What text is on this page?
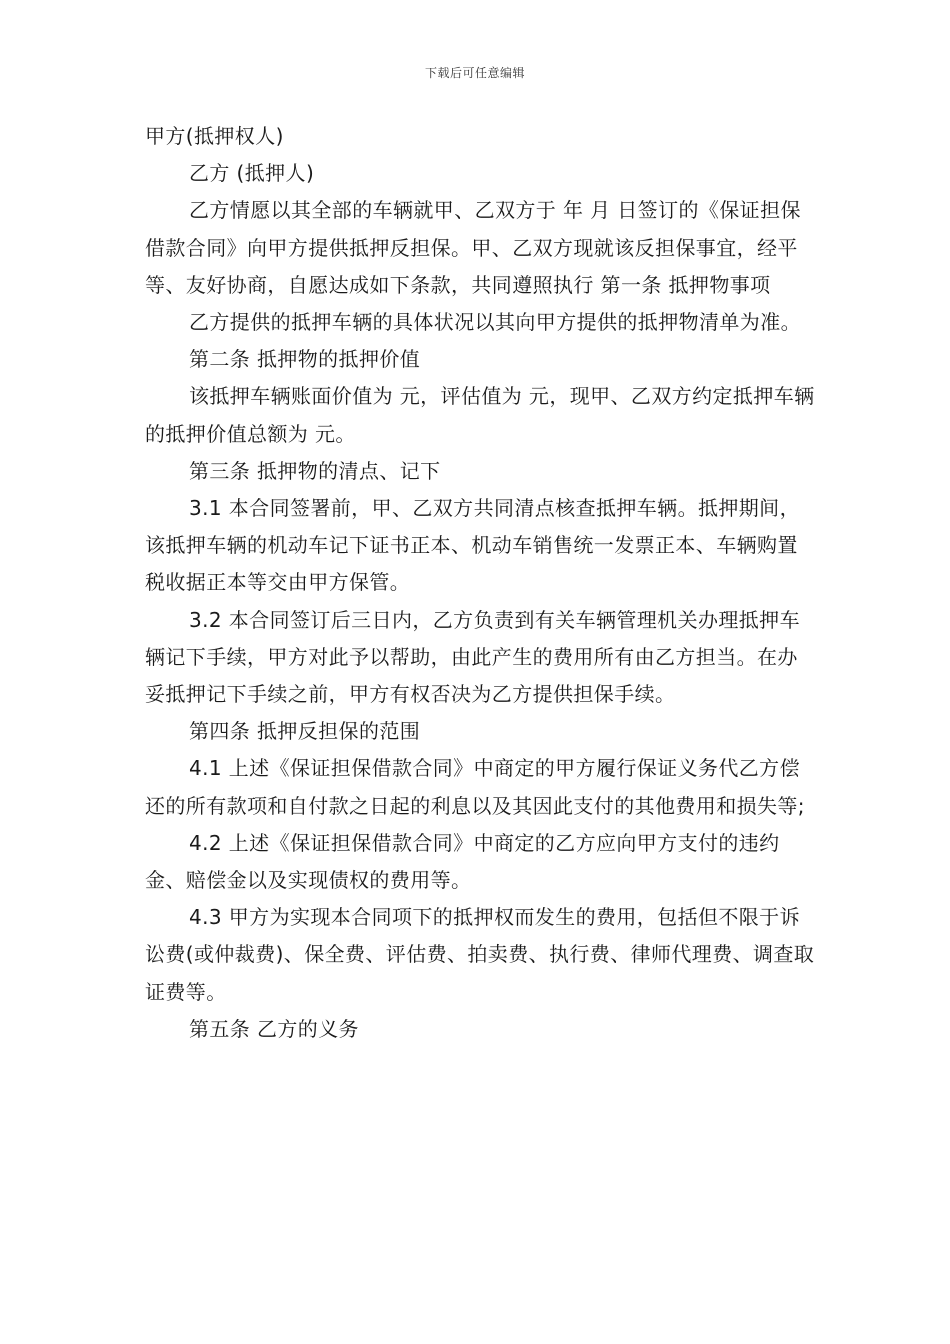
下载后可任意编辑

甲方(抵押权人)

乙方 (抵押人)

乙方情愿以其全部的车辆就甲、乙双方于 年 月 日签订的《保证担保借款合同》向甲方提供抵押反担保。甲、乙双方现就该反担保事宜，经平等、友好协商，自愿达成如下条款，共同遵照执行 第一条 抵押物事项

乙方提供的抵押车辆的具体状况以其向甲方提供的抵押物清单为准。

第二条 抵押物的抵押价值

该抵押车辆账面价值为 元，评估值为 元，现甲、乙双方约定抵押车辆的抵押价值总额为 元。

第三条 抵押物的清点、记下

3.1 本合同签署前，甲、乙双方共同清点核查抵押车辆。抵押期间，该抵押车辆的机动车记下证书正本、机动车销售统一发票正本、车辆购置税收据正本等交由甲方保管。

3.2 本合同签订后三日内，乙方负责到有关车辆管理机关办理抵押车辆记下手续，甲方对此予以帮助，由此产生的费用所有由乙方担当。在办妥抵押记下手续之前，甲方有权否决为乙方提供担保手续。

第四条 抵押反担保的范围

4.1 上述《保证担保借款合同》中商定的甲方履行保证义务代乙方偿还的所有款项和自付款之日起的利息以及其因此支付的其他费用和损失等;

4.2 上述《保证担保借款合同》中商定的乙方应向甲方支付的违约金、赔偿金以及实现债权的费用等。

4.3 甲方为实现本合同项下的抵押权而发生的费用，包括但不限于诉讼费(或仲裁费)、保全费、评估费、拍卖费、执行费、律师代理费、调查取证费等。

第五条 乙方的义务
